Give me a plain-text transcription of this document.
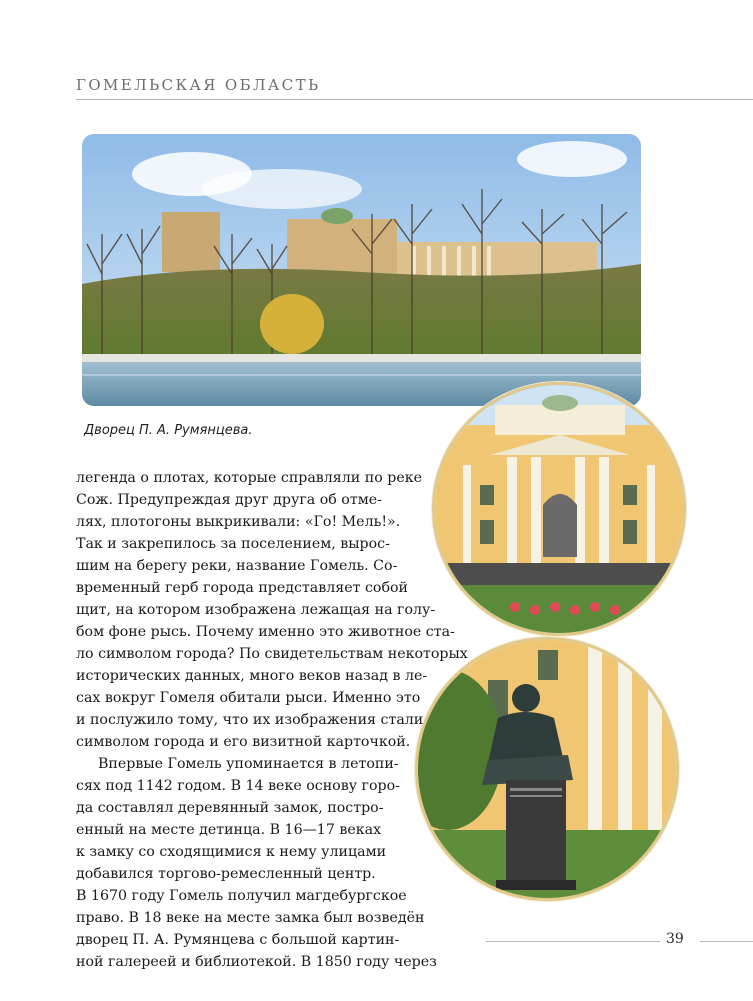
ГОМЕЛЬСКАЯ ОБЛАСТЬ
Дворец П. А. Румянцева.
легенда о плотах, которые справляли по реке
Сож. Предупреждая друг друга об отме-
лях, плотогоны выкрикивали: «Го! Мель!».
Так и закрепилось за поселением, вырос-
шим на берегу реки, название Гомель. Со-
временный герб города представляет собой
щит, на котором изображена лежащая на голу-
бом фоне рысь. Почему именно это животное ста-
ло символом города? По свидетельствам некоторых
исторических данных, много веков назад в ле-
сах вокруг Гомеля обитали рыси. Именно это
и послужило тому, что их изображения стали
символом города и его визитной карточкой.
Впервые Гомель упоминается в летопи-
сях под 1142 годом. В 14 веке основу горо-
да составлял деревянный замок, постро-
енный на месте детинца. В 16—17 веках
к замку со сходящимися к нему улицами
добавился торгово-ремесленный центр.
В 1670 году Гомель получил магдебургское
право. В 18 веке на месте замка был возведён
дворец П. А. Румянцева с большой картин-
ной галереей и библиотекой. В 1850 году через
39
